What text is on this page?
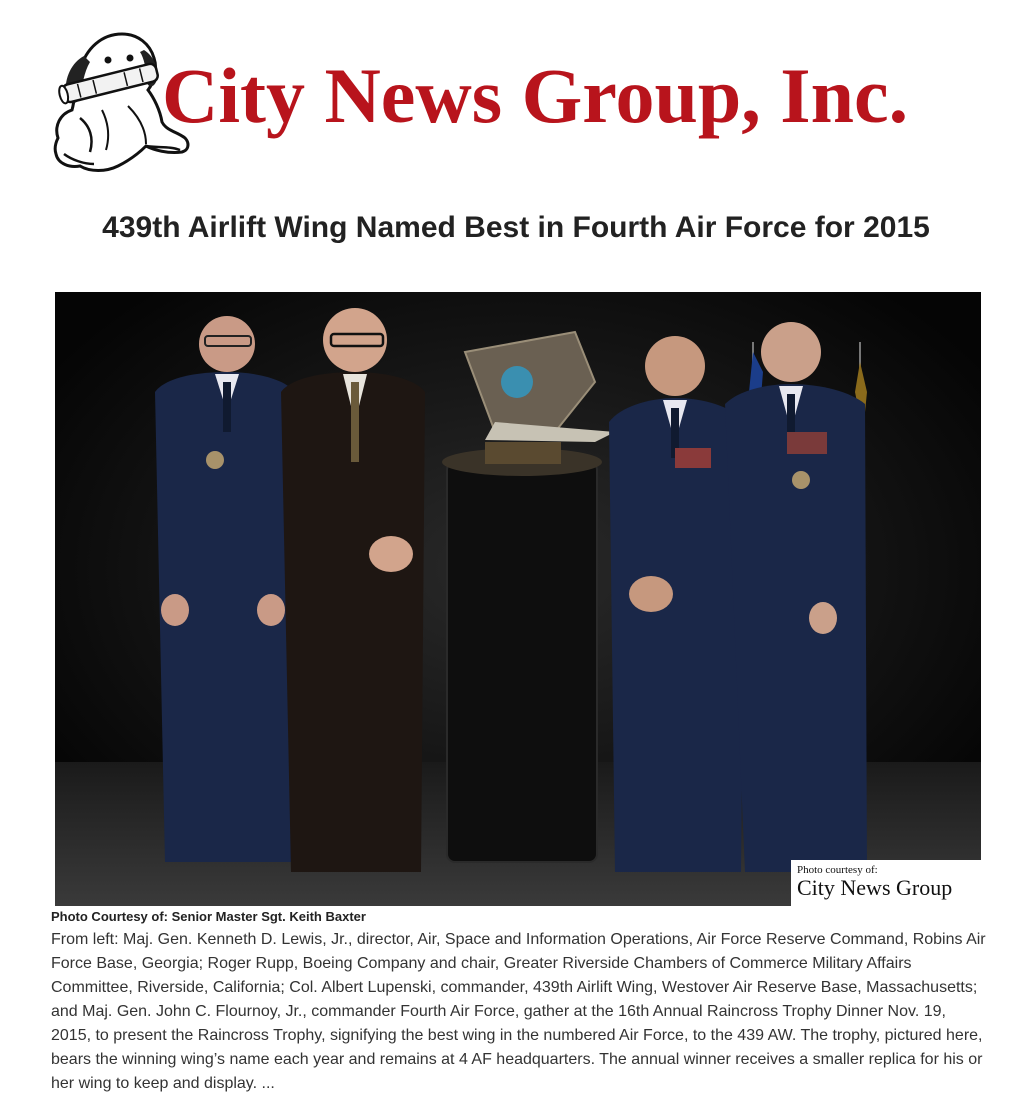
City News Group, Inc.
439th Airlift Wing Named Best in Fourth Air Force for 2015
Photo courtesy of:
City News Group
Photo Courtesy of: Senior Master Sgt. Keith Baxter

From left: Maj. Gen. Kenneth D. Lewis, Jr., director, Air, Space and Information Operations, Air Force Reserve Command, Robins Air Force Base, Georgia; Roger Rupp, Boeing Company and chair, Greater Riverside Chambers of Commerce Military Affairs Committee, Riverside, California; Col. Albert Lupenski, commander, 439th Airlift Wing, Westover Air Reserve Base, Massachusetts; and Maj. Gen. John C. Flournoy, Jr., commander Fourth Air Force, gather at the 16th Annual Raincross Trophy Dinner Nov. 19, 2015, to present the Raincross Trophy, signifying the best wing in the numbered Air Force, to the 439 AW. The trophy, pictured here, bears the winning wing’s name each year and remains at 4 AF headquarters. The annual winner receives a smaller replica for his or her wing to keep and display. ...
